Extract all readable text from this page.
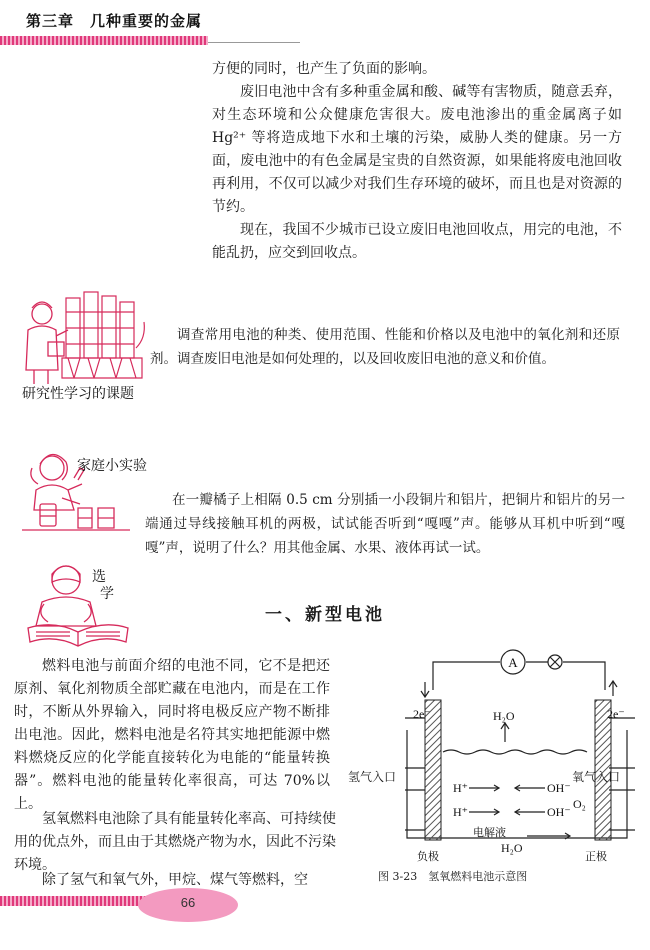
第三章　几种重要的金属

方便的同时，也产生了负面的影响。

废旧电池中含有多种重金属和酸、碱等有害物质，随意丢弃，对生态环境和公众健康危害很大。废电池渗出的重金属离子如 Hg²⁺ 等将造成地下水和土壤的污染，威胁人类的健康。另一方面，废电池中的有色金属是宝贵的自然资源，如果能将废电池回收再利用，不仅可以减少对我们生存环境的破坏，而且也是对资源的节约。

现在，我国不少城市已设立废旧电池回收点，用完的电池，不能乱扔，应交到回收点。

研究性学习的课题

调查常用电池的种类、使用范围、性能和价格以及电池中的氧化剂和还原剂。调查废旧电池是如何处理的，以及回收废旧电池的意义和价值。

家庭小实验

在一瓣橘子上相隔 0.5 cm 分别插一小段铜片和铝片，把铜片和铝片的另一端通过导线接触耳机的两极，试试能否听到“嘎嘎”声。能够从耳机中听到“嘎嘎”声，说明了什么？用其他金属、水果、液体再试一试。

选
学
一、新型电池

燃料电池与前面介绍的电池不同，它不是把还原剂、氧化剂物质全部贮藏在电池内，而是在工作时，不断从外界输入，同时将电极反应产物不断排出电池。因此，燃料电池是名符其实地把能源中燃料燃烧反应的化学能直接转化为电能的“能量转换器”。燃料电池的能量转化率很高，可达 70%以上。

A
2e⁻	2e⁻
H₂O
H⁺
H⁺
OH⁻
OH⁻
O₂
电解液
H₂O
负极	正极
氢气入口	氧气入口
图 3-23　氢氧燃料电池示意图

氢氧燃料电池除了具有能量转化率高、可持续使用的优点外，而且由于其燃烧产物为水，因此不污染环境。

除了氢气和氧气外，甲烷、煤气等燃料，空

66
